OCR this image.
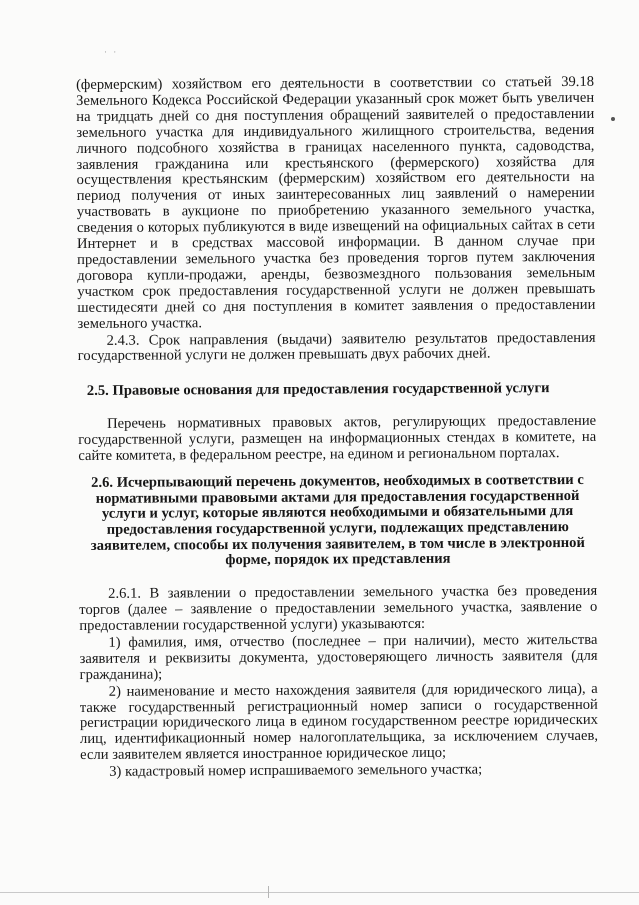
· ·

(фермерским) хозяйством его деятельности в соответствии со статьей 39.18 Земельного Кодекса Российской Федерации указанный срок может быть увеличен на тридцать дней со дня поступления обращений заявителей о предоставлении земельного участка для индивидуального жилищного строительства, ведения личного подсобного хозяйства в границах населенного пункта, садоводства, заявления гражданина или крестьянского (фермерского) хозяйства для осуществления крестьянским (фермерским) хозяйством его деятельности на период получения от иных заинтересованных лиц заявлений о намерении участвовать в аукционе по приобретению указанного земельного участка, сведения о которых публикуются в виде извещений на официальных сайтах в сети Интернет и в средствах массовой информации. В данном случае при предоставлении земельного участка без проведения торгов путем заключения договора купли-продажи, аренды, безвозмездного пользования земельным участком срок предоставления государственной услуги не должен превышать шестидесяти дней со дня поступления в комитет заявления о предоставлении земельного участка.

2.4.3. Срок направления (выдачи) заявителю результатов предоставления государственной услуги не должен превышать двух рабочих дней.

2.5. Правовые основания для предоставления государственной услуги

Перечень нормативных правовых актов, регулирующих предоставление государственной услуги, размещен на информационных стендах в комитете, на сайте комитета, в федеральном реестре, на едином и региональном порталах.

2.6. Исчерпывающий перечень документов, необходимых в соответствии с нормативными правовыми актами для предоставления государственной услуги и услуг, которые являются необходимыми и обязательными для предоставления государственной услуги, подлежащих представлению заявителем, способы их получения заявителем, в том числе в электронной форме, порядок их представления

2.6.1. В заявлении о предоставлении земельного участка без проведения торгов (далее – заявление о предоставлении земельного участка, заявление о предоставлении государственной услуги) указываются:

1) фамилия, имя, отчество (последнее – при наличии), место жительства заявителя и реквизиты документа, удостоверяющего личность заявителя (для гражданина);

2) наименование и место нахождения заявителя (для юридического лица), а также государственный регистрационный номер записи о государственной регистрации юридического лица в едином государственном реестре юридических лиц, идентификационный номер налогоплательщика, за исключением случаев, если заявителем является иностранное юридическое лицо;

3) кадастровый номер испрашиваемого земельного участка;
